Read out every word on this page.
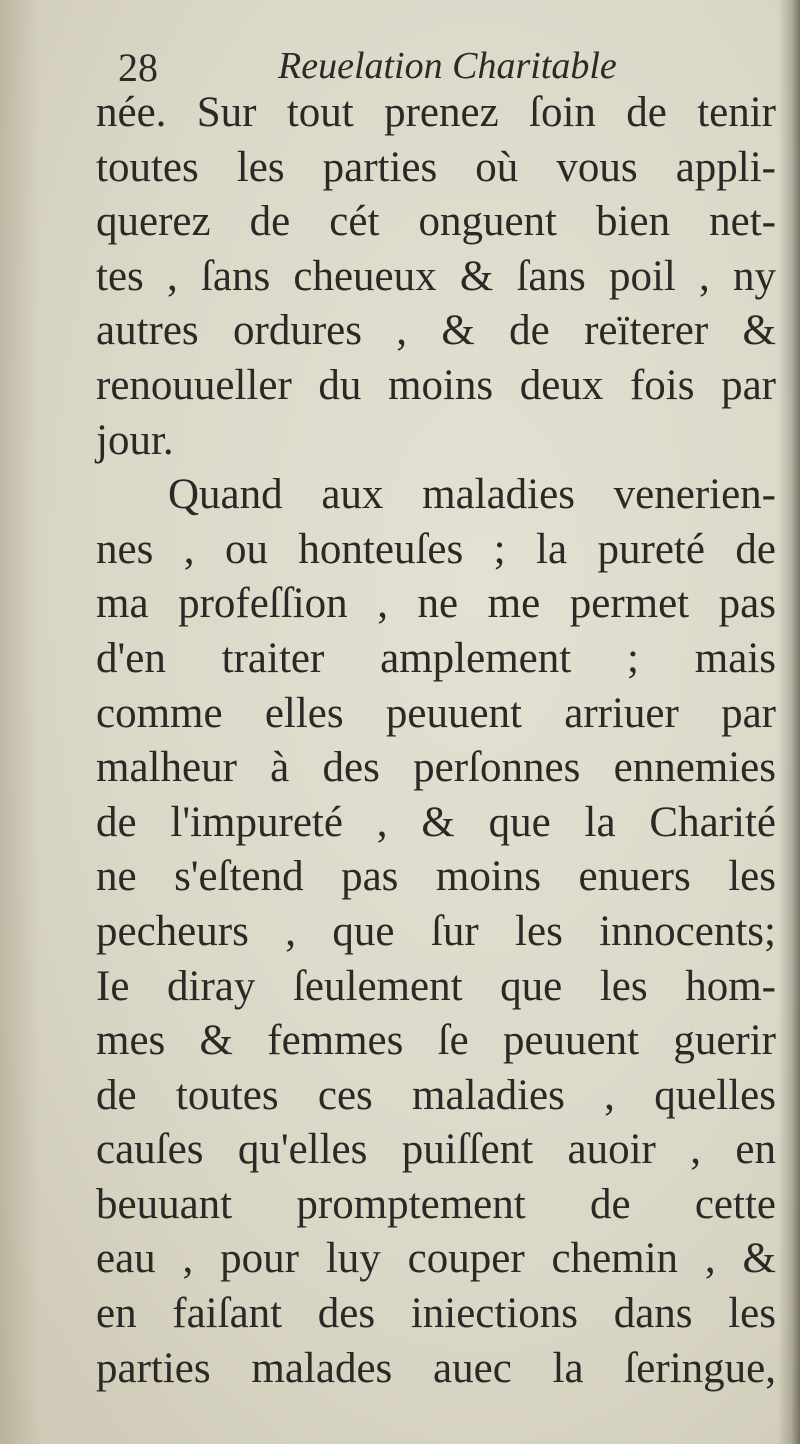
28	Reuelation Charitable
née. Sur tout prenez ſoin de tenir
toutes les parties où vous appli-
querez de cét onguent bien net-
tes , ſans cheueux & ſans poil , ny
autres ordures , & de reïterer &
renouueller du moins deux fois par
jour.
Quand aux maladies venerien-
nes , ou honteuſes ; la pureté de
ma profeſſion , ne me permet pas
d'en traiter amplement ; mais
comme elles peuuent arriuer par
malheur à des perſonnes ennemies
de l'impureté , & que la Charité
ne s'eſtend pas moins enuers les
pecheurs , que ſur les innocents;
Ie diray ſeulement que les hom-
mes & femmes ſe peuuent guerir
de toutes ces maladies , quelles
cauſes qu'elles puiſſent auoir , en
beuuant promptement de cette
eau , pour luy couper chemin , &
en faiſant des iniections dans les
parties malades auec la ſeringue,
